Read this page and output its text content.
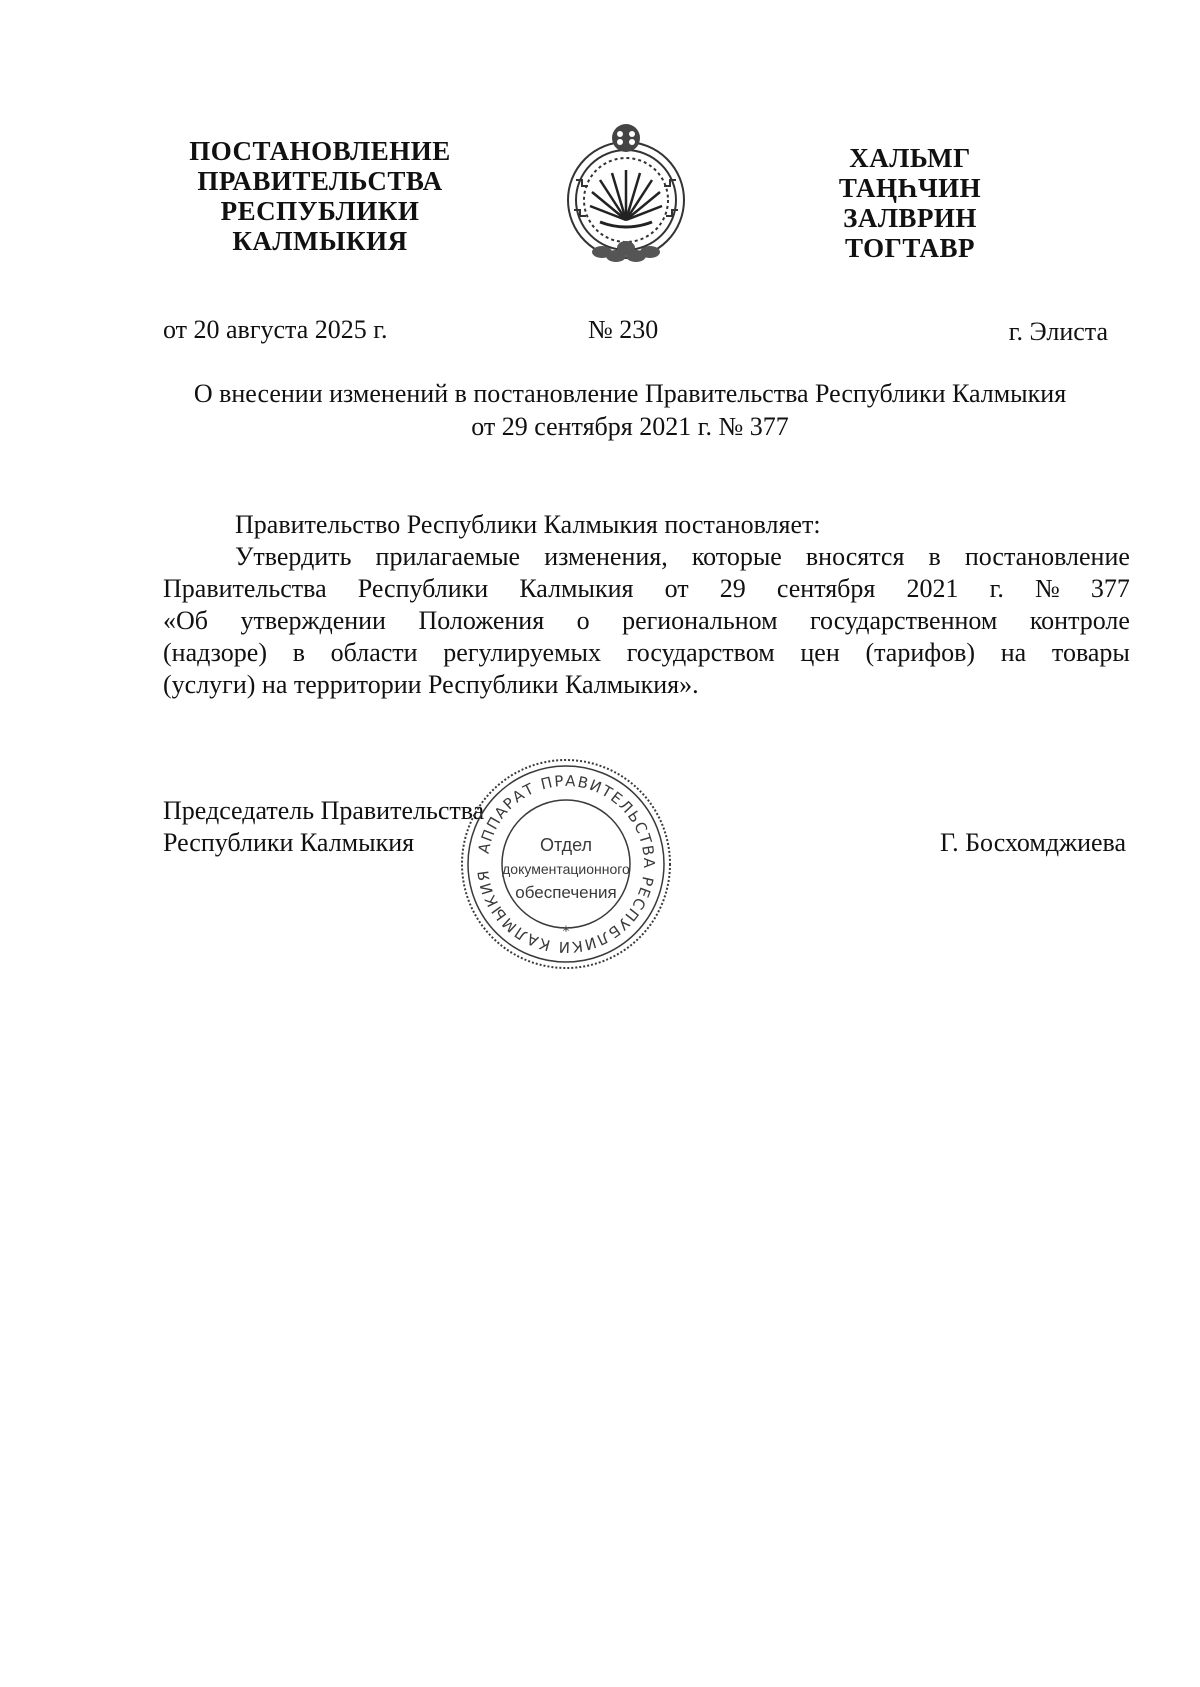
ПОСТАНОВЛЕНИЕ
ПРАВИТЕЛЬСТВА
РЕСПУБЛИКИ
КАЛМЫКИЯ
ХАЛЬМГ
ТАҢҺЧИН
ЗАЛВРИН
ТОГТАВР
от 20 августа 2025 г.	№ 230	г. Элиста
О внесении изменений в постановление Правительства Республики Калмыкия
от 29 сентября 2021 г. № 377
Правительство Республики Калмыкия постановляет:
Утвердить прилагаемые изменения, которые вносятся в постановление
Правительства Республики Калмыкия от 29 сентября 2021 г. № 377
«Об утверждении Положения о региональном государственном контроле
(надзоре) в области регулируемых государством цен (тарифов) на товары
(услуги) на территории Республики Калмыкия».
Председатель Правительства
Республики Калмыкия	Г. Босхомджиева
АППАРАТ ПРАВИТЕЛЬСТВА РЕСПУБЛИКИ КАЛМЫКИЯ
*
Отдел
документационного
обеспечения
